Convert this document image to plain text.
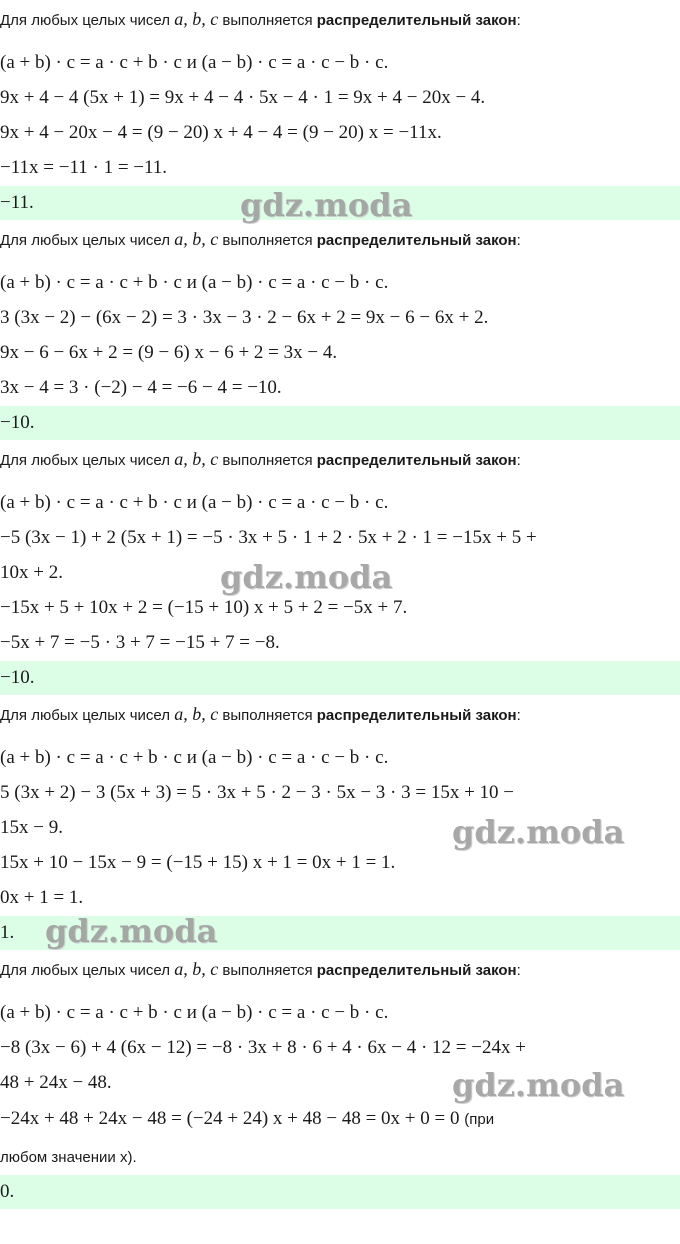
Для любых целых чисел a, b, c выполняется распределительный закон:
(a + b) · c = a · c + b · c и (a − b) · c = a · c − b · c.
9x + 4 − 4 (5x + 1) = 9x + 4 − 4 · 5x − 4 · 1 = 9x + 4 − 20x − 4.
9x + 4 − 20x − 4 = (9 − 20) x + 4 − 4 = (9 − 20) x = −11x.
−11x = −11 · 1 = −11.
−11.	gdz.moda
Для любых целых чисел a, b, c выполняется распределительный закон:
(a + b) · c = a · c + b · c и (a − b) · c = a · c − b · c.
3 (3x − 2) − (6x − 2) = 3 · 3x − 3 · 2 − 6x + 2 = 9x − 6 − 6x + 2.
9x − 6 − 6x + 2 = (9 − 6) x − 6 + 2 = 3x − 4.
3x − 4 = 3 · (−2) − 4 = −6 − 4 = −10.
−10.
Для любых целых чисел a, b, c выполняется распределительный закон:
(a + b) · c = a · c + b · c и (a − b) · c = a · c − b · c.
−5 (3x − 1) + 2 (5x + 1) = −5 · 3x + 5 · 1 + 2 · 5x + 2 · 1 = −15x + 5 +
10x + 2.	gdz.moda
−15x + 5 + 10x + 2 = (−15 + 10) x + 5 + 2 = −5x + 7.
−5x + 7 = −5 · 3 + 7 = −15 + 7 = −8.
−10.
Для любых целых чисел a, b, c выполняется распределительный закон:
(a + b) · c = a · c + b · c и (a − b) · c = a · c − b · c.
5 (3x + 2) − 3 (5x + 3) = 5 · 3x + 5 · 2 − 3 · 5x − 3 · 3 = 15x + 10 −
15x − 9.	gdz.moda
15x + 10 − 15x − 9 = (−15 + 15) x + 1 = 0x + 1 = 1.
0x + 1 = 1.
1. gdz.moda
Для любых целых чисел a, b, c выполняется распределительный закон:
(a + b) · c = a · c + b · c и (a − b) · c = a · c − b · c.
−8 (3x − 6) + 4 (6x − 12) = −8 · 3x + 8 · 6 + 4 · 6x − 4 · 12 = −24x +
48 + 24x − 48.	gdz.moda
−24x + 48 + 24x − 48 = (−24 + 24) x + 48 − 48 = 0x + 0 = 0 (при
любом значении x).
0.
